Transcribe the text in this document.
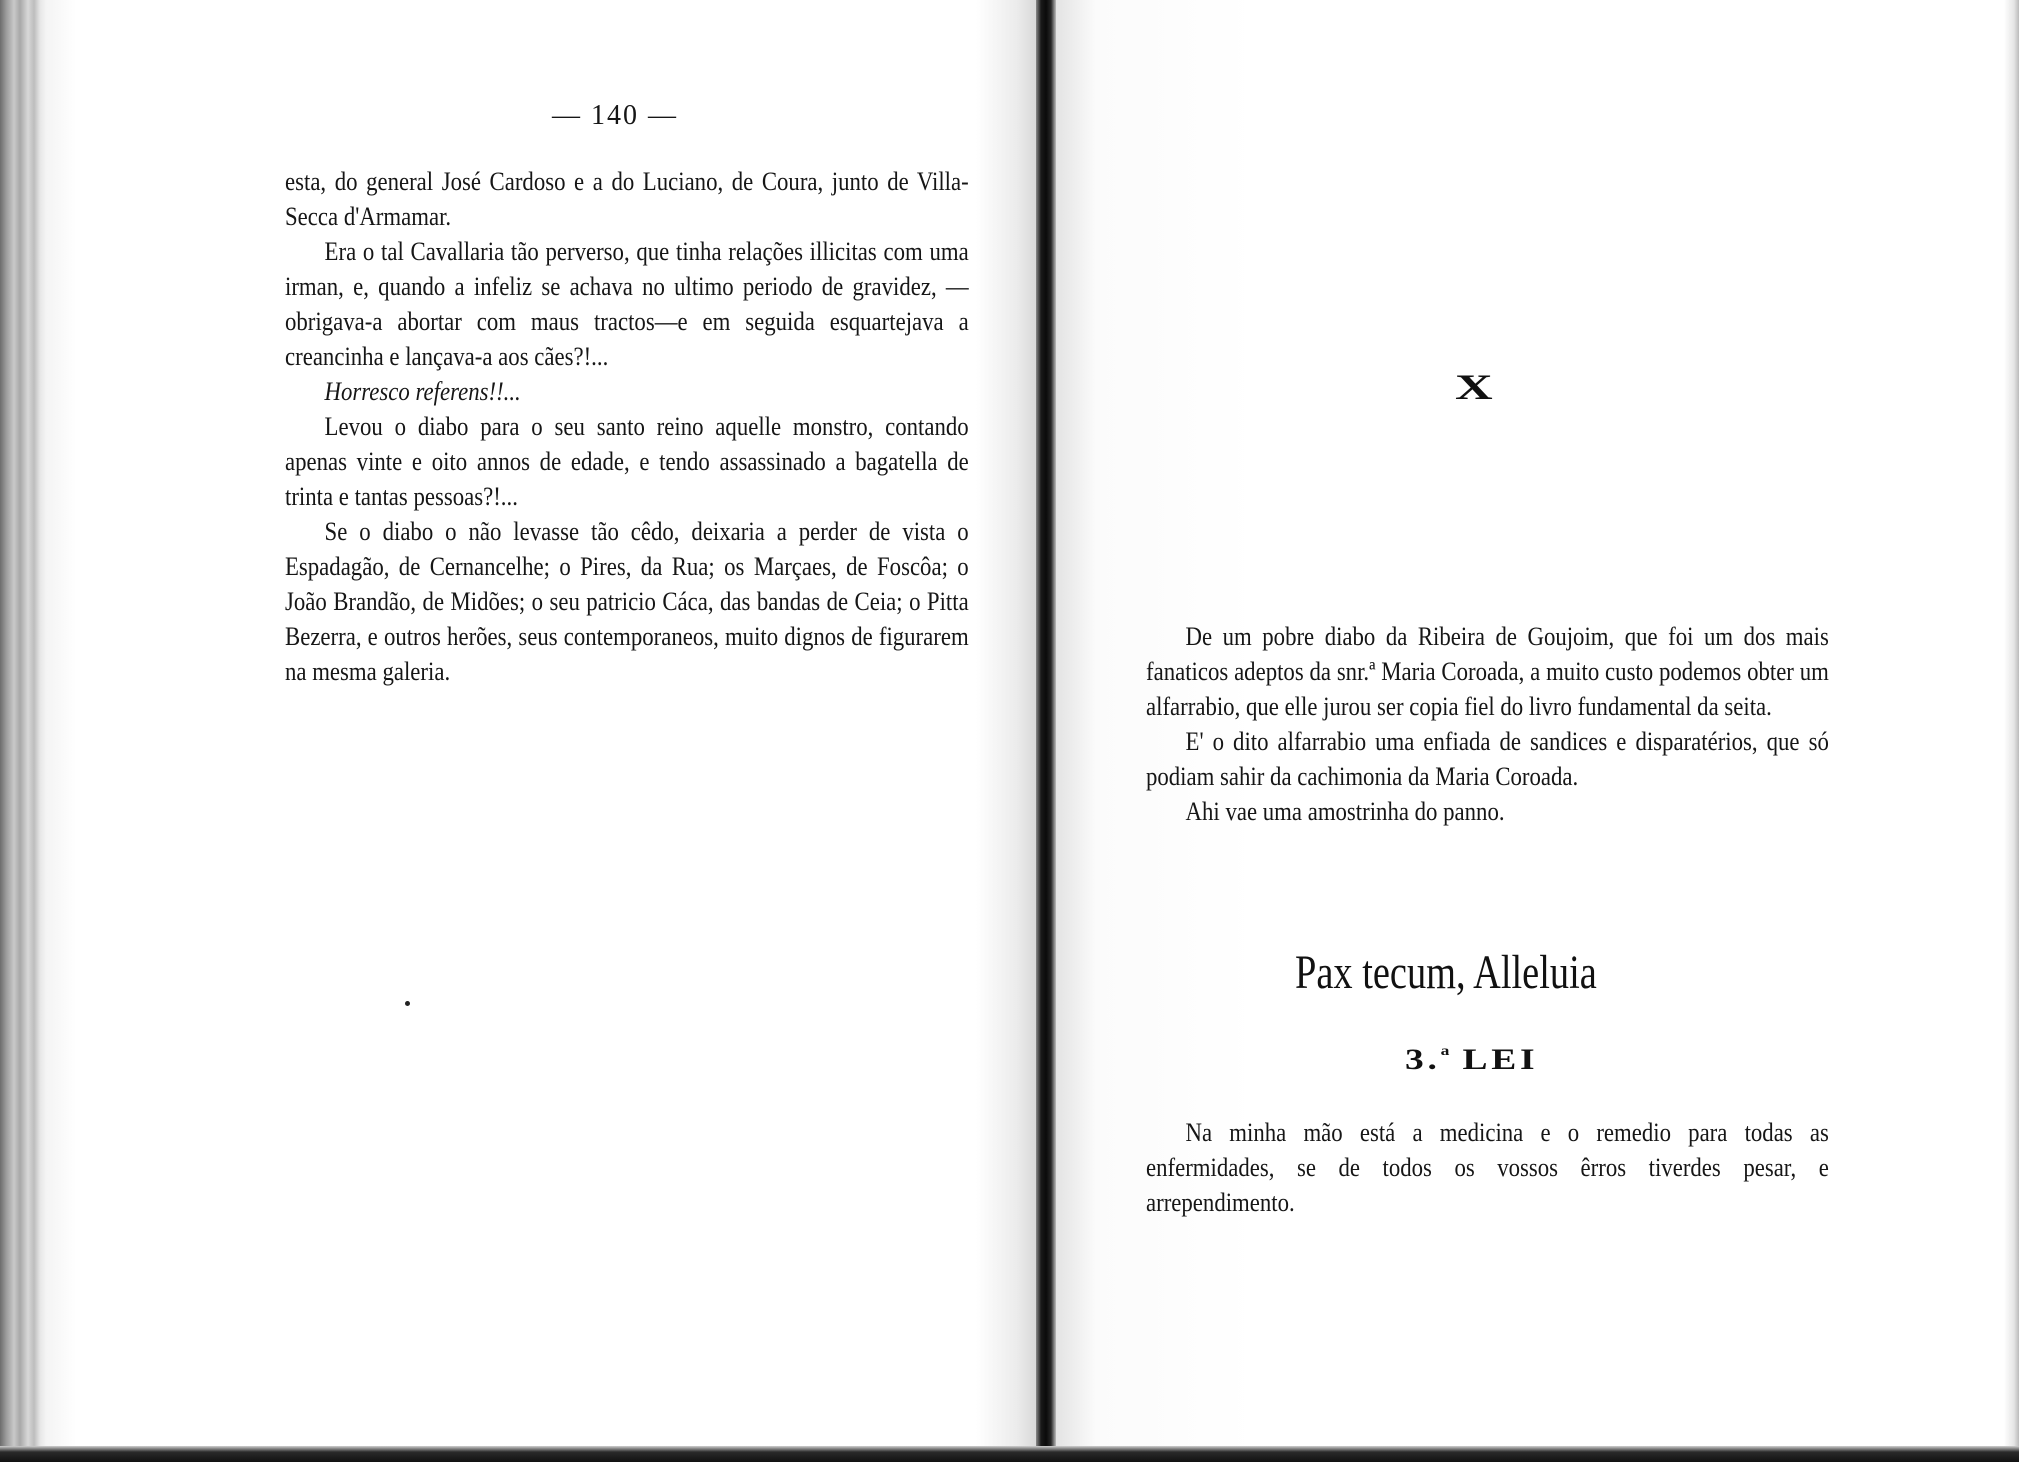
— 140 —

esta, do general José Cardoso e a do Luciano, de Coura, junto de Villa-Secca d'Armamar.

Era o tal Cavallaria tão perverso, que tinha relações illicitas com uma irman, e, quando a infeliz se achava no ultimo periodo de gravidez, — obrigava-a abortar com maus tractos—e em seguida esquartejava a creancinha e lançava-a aos cães?!...

Horresco referens!!...

Levou o diabo para o seu santo reino aquelle monstro, contando apenas vinte e oito annos de edade, e tendo assassinado a bagatella de trinta e tantas pessoas?!...

Se o diabo o não levasse tão cêdo, deixaria a perder de vista o Espadagão, de Cernancelhe; o Pires, da Rua; os Marçaes, de Foscôa; o João Brandão, de Midões; o seu patricio Cáca, das bandas de Ceia; o Pitta Bezerra, e outros herões, seus contemporaneos, muito dignos de figurarem na mesma galeria.

X

De um pobre diabo da Ribeira de Goujoim, que foi um dos mais fanaticos adeptos da snr.ª Maria Coroada, a muito custo podemos obter um alfarrabio, que elle jurou ser copia fiel do livro fundamental da seita.

E' o dito alfarrabio uma enfiada de sandices e disparatérios, que só podiam sahir da cachimonia da Maria Coroada.

Ahi vae uma amostrinha do panno.

Pax tecum, Alleluia
3.$^a$ LEI

Na minha mão está a medicina e o remedio para todas as enfermidades, se de todos os vossos êrros tiverdes pesar, e arrependimento.
